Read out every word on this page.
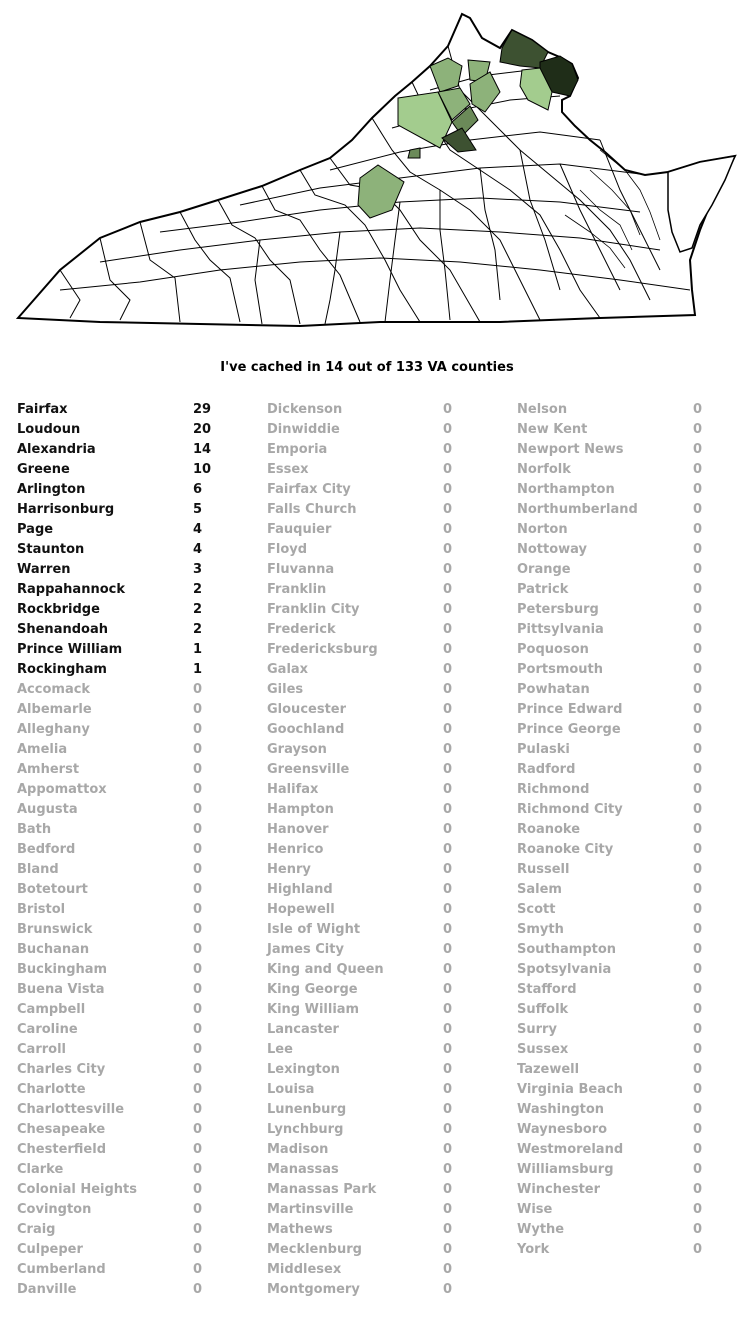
I've cached in 14 out of 133 VA counties
Fairfax	29
Loudoun	20
Alexandria	14
Greene	10
Arlington	6
Harrisonburg	5
Page	4
Staunton	4
Warren	3
Rappahannock	2
Rockbridge	2
Shenandoah	2
Prince William	1
Rockingham	1
Accomack	0
Albemarle	0
Alleghany	0
Amelia	0
Amherst	0
Appomattox	0
Augusta	0
Bath	0
Bedford	0
Bland	0
Botetourt	0
Bristol	0
Brunswick	0
Buchanan	0
Buckingham	0
Buena Vista	0
Campbell	0
Caroline	0
Carroll	0
Charles City	0
Charlotte	0
Charlottesville	0
Chesapeake	0
Chesterfield	0
Clarke	0
Colonial Heights	0
Covington	0
Craig	0
Culpeper	0
Cumberland	0
Danville	0
Dickenson	0
Dinwiddie	0
Emporia	0
Essex	0
Fairfax City	0
Falls Church	0
Fauquier	0
Floyd	0
Fluvanna	0
Franklin	0
Franklin City	0
Frederick	0
Fredericksburg	0
Galax	0
Giles	0
Gloucester	0
Goochland	0
Grayson	0
Greensville	0
Halifax	0
Hampton	0
Hanover	0
Henrico	0
Henry	0
Highland	0
Hopewell	0
Isle of Wight	0
James City	0
King and Queen	0
King George	0
King William	0
Lancaster	0
Lee	0
Lexington	0
Louisa	0
Lunenburg	0
Lynchburg	0
Madison	0
Manassas	0
Manassas Park	0
Martinsville	0
Mathews	0
Mecklenburg	0
Middlesex	0
Montgomery	0
Nelson	0
New Kent	0
Newport News	0
Norfolk	0
Northampton	0
Northumberland	0
Norton	0
Nottoway	0
Orange	0
Patrick	0
Petersburg	0
Pittsylvania	0
Poquoson	0
Portsmouth	0
Powhatan	0
Prince Edward	0
Prince George	0
Pulaski	0
Radford	0
Richmond	0
Richmond City	0
Roanoke	0
Roanoke City	0
Russell	0
Salem	0
Scott	0
Smyth	0
Southampton	0
Spotsylvania	0
Stafford	0
Suffolk	0
Surry	0
Sussex	0
Tazewell	0
Virginia Beach	0
Washington	0
Waynesboro	0
Westmoreland	0
Williamsburg	0
Winchester	0
Wise	0
Wythe	0
York	0
